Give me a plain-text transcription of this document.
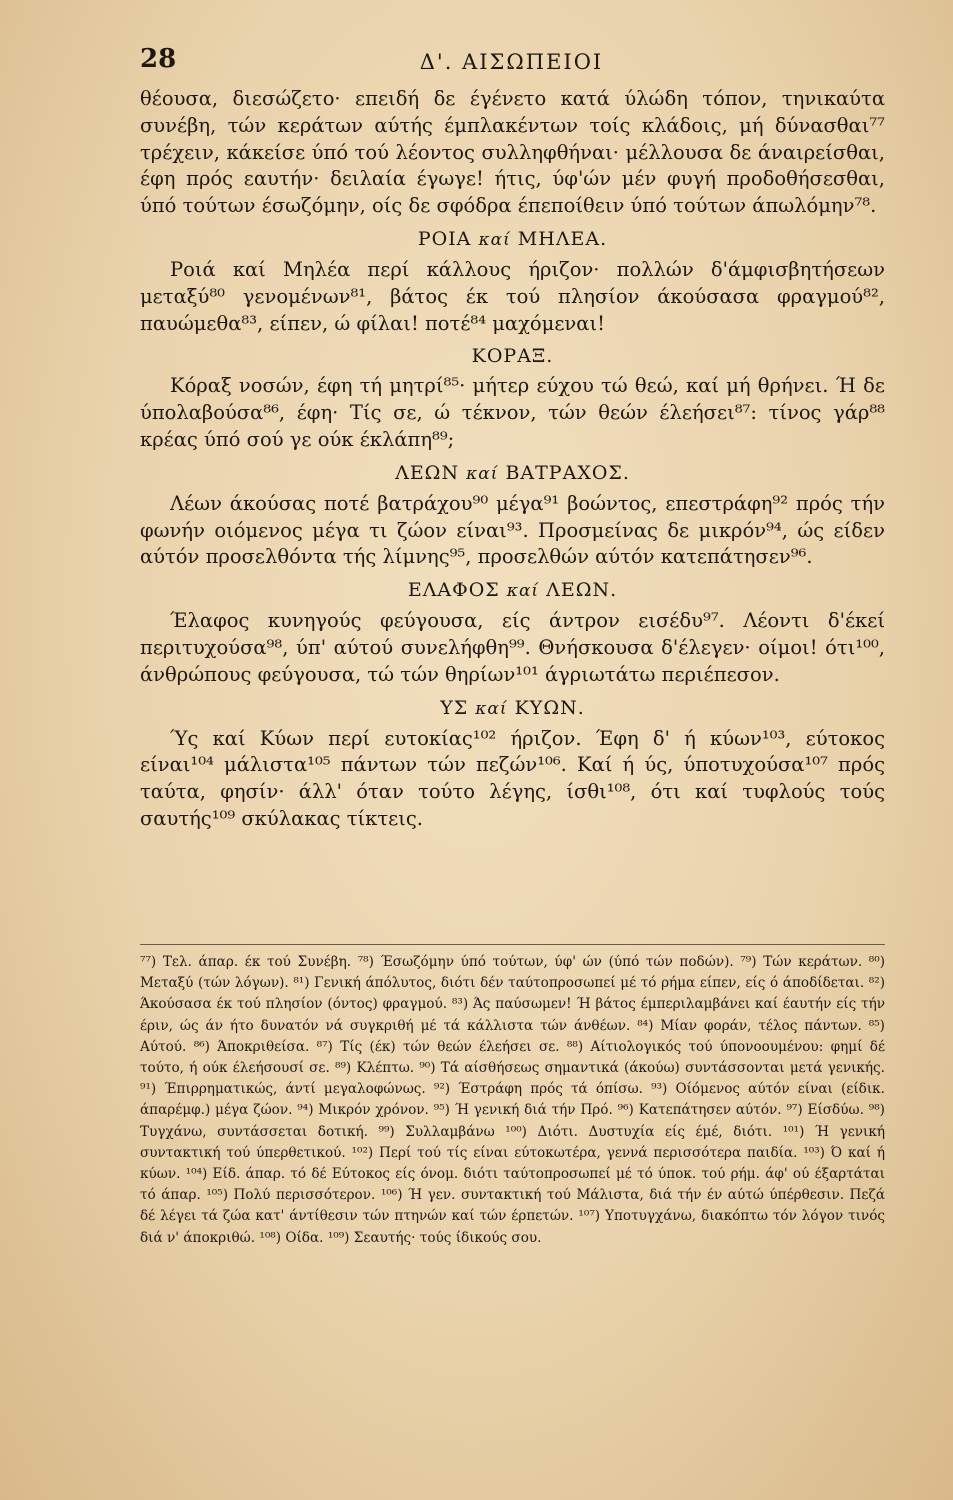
28	Δ'. ΑΙΣΩΠΕΙΟΙ

θέουσα, διεσώζετο· επειδή δε έγένετο κατά ύλώδη τόπον, τηνικαύτα συνέβη, τών κεράτων αύτής έμπλακέντων τοίς κλάδοις, μή δύνασθαι⁷⁷ τρέχειν, κάκείσε ύπό τού λέοντος συλληφθήναι· μέλλουσα δε άναιρείσθαι, έφη πρός εαυτήν· δειλαία έγωγε! ήτις, ύφ'ών μέν φυγή προδοθήσεσθαι, ύπό τούτων έσωζόμην, οίς δε σφόδρα έπεποίθειν ύπό τούτων άπωλόμην⁷⁸.

ΡΟΙΑ καί ΜΗΛΕΑ.

Ροιά καί Μηλέα περί κάλλους ήριζον· πολλών δ'άμφισβητήσεων μεταξύ⁸⁰ γενομένων⁸¹, βάτος έκ τού πλησίον άκούσασα φραγμού⁸², παυώμεθα⁸³, είπεν, ώ φίλαι! ποτέ⁸⁴ μαχόμεναι!

ΚΟΡΑΞ.

Κόραξ νοσών, έφη τή μητρί⁸⁵· μήτερ εύχου τώ θεώ, καί μή θρήνει. Ή δε ύπολαβούσα⁸⁶, έφη· Τίς σε, ώ τέκνον, τών θεών έλεήσει⁸⁷: τίνος γάρ⁸⁸ κρέας ύπό σού γε ούκ έκλάπη⁸⁹;

ΛΕΩΝ καί ΒΑΤΡΑΧΟΣ.

Λέων άκούσας ποτέ βατράχου⁹⁰ μέγα⁹¹ βοώντος, επεστράφη⁹² πρός τήν φωνήν οιόμενος μέγα τι ζώον είναι⁹³. Προσμείνας δε μικρόν⁹⁴, ώς είδεν αύτόν προσελθόντα τής λίμνης⁹⁵, προσελθών αύτόν κατεπάτησεν⁹⁶.

ΕΛΑΦΟΣ καί ΛΕΩΝ.

Έλαφος κυνηγούς φεύγουσα, είς άντρον εισέδυ⁹⁷. Λέοντι δ'έκεί περιτυχούσα⁹⁸, ύπ' αύτού συνελήφθη⁹⁹. Θνήσκουσα δ'έλεγεν· οίμοι! ότι¹⁰⁰, άνθρώπους φεύγουσα, τώ τών θηρίων¹⁰¹ άγριωτάτω περιέπεσον.

ΥΣ καί ΚΥΩΝ.

Ύς καί Κύων περί ευτοκίας¹⁰² ήριζον. Έφη δ' ή κύων¹⁰³, εύτοκος είναι¹⁰⁴ μάλιστα¹⁰⁵ πάντων τών πεζών¹⁰⁶. Καί ή ύς, ύποτυχούσα¹⁰⁷ πρός ταύτα, φησίν· άλλ' όταν τούτο λέγης, ίσθι¹⁰⁸, ότι καί τυφλούς τούς σαυτής¹⁰⁹ σκύλακας τίκτεις.

⁷⁷) Τελ. άπαρ. έκ τού Συνέβη. ⁷⁸) Έσωζόμην ύπό τούτων, ύφ' ών (ύπό τών ποδών). ⁷⁹) Τών κεράτων. ⁸⁰) Μεταξύ (τών λόγων). ⁸¹) Γενική άπόλυτος, διότι δέν ταύτοπροσωπεί μέ τό ρήμα είπεν, είς ό άποδίδεται. ⁸²) Άκούσασα έκ τού πλησίον (όντος) φραγμού. ⁸³) Άς παύσωμεν! Ή βάτος έμπεριλαμβάνει καί έαυτήν είς τήν έριν, ώς άν ήτο δυνατόν νά συγκριθή μέ τά κάλλιστα τών άνθέων. ⁸⁴) Μίαν φοράν, τέλος πάντων. ⁸⁵) Αύτού. ⁸⁶) Άποκριθείσα. ⁸⁷) Τίς (έκ) τών θεών έλεήσει σε. ⁸⁸) Αίτιολογικός τού ύπονοουμένου: φημί δέ τούτο, ή ούκ έλεήσουσί σε. ⁸⁹) Κλέπτω. ⁹⁰) Τά αίσθήσεως σημαντικά (άκούω) συντάσσονται μετά γενικής. ⁹¹) Έπιρρηματικώς, άντί μεγαλοφώνως. ⁹²) Έστράφη πρός τά όπίσω. ⁹³) Οίόμενος αύτόν είναι (είδικ. άπαρέμφ.) μέγα ζώον. ⁹⁴) Μικρόν χρόνον. ⁹⁵) Ή γενική διά τήν Πρό. ⁹⁶) Κατεπάτησεν αύτόν. ⁹⁷) Είσδύω. ⁹⁸) Τυγχάνω, συντάσσεται δοτική. ⁹⁹) Συλλαμβάνω ¹⁰⁰) Διότι. Δυστυχία είς έμέ, διότι. ¹⁰¹) Ή γενική συντακτική τού ύπερθετικού. ¹⁰²) Περί τού τίς είναι εύτοκωτέρα, γεννά περισσότερα παιδία. ¹⁰³) Ό καί ή κύων. ¹⁰⁴) Είδ. άπαρ. τό δέ Εύτοκος είς όνομ. διότι ταύτοπροσωπεί μέ τό ύποκ. τού ρήμ. άφ' ού έξαρτάται τό άπαρ. ¹⁰⁵) Πολύ περισσότερον. ¹⁰⁶) Ή γεν. συντακτική τού Μάλιστα, διά τήν έν αύτώ ύπέρθεσιν. Πεζά δέ λέγει τά ζώα κατ' άντίθεσιν τών πτηνών καί τών έρπετών. ¹⁰⁷) Υποτυγχάνω, διακόπτω τόν λόγον τινός διά ν' άποκριθώ. ¹⁰⁸) Οίδα. ¹⁰⁹) Σεαυτής· τούς ίδικούς σου.
